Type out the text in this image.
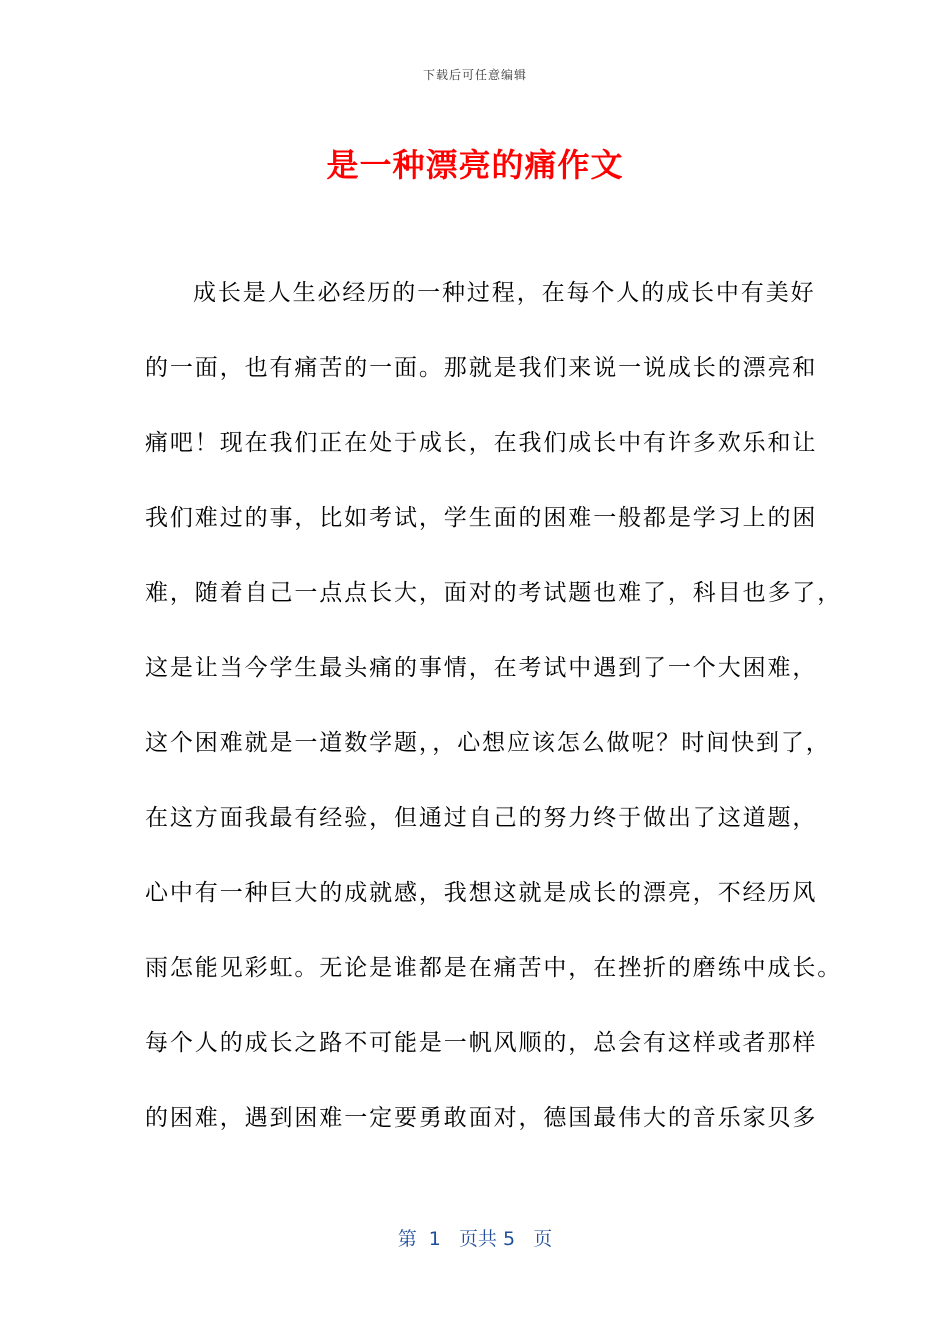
下载后可任意编辑
是一种漂亮的痛作文
成长是人生必经历的一种过程，在每个人的成长中有美好
的一面，也有痛苦的一面。那就是我们来说一说成长的漂亮和
痛吧！现在我们正在处于成长，在我们成长中有许多欢乐和让
我们难过的事，比如考试，学生面的困难一般都是学习上的困
难，随着自己一点点长大，面对的考试题也难了，科目也多了，
这是让当今学生最头痛的事情，在考试中遇到了一个大困难，
这个困难就是一道数学题，，心想应该怎么做呢？时间快到了，
在这方面我最有经验，但通过自己的努力终于做出了这道题，
心中有一种巨大的成就感，我想这就是成长的漂亮，不经历风
雨怎能见彩虹。无论是谁都是在痛苦中，在挫折的磨练中成长。
每个人的成长之路不可能是一帆风顺的，总会有这样或者那样
的困难，遇到困难一定要勇敢面对，德国最伟大的音乐家贝多
第  1   页共 5   页
